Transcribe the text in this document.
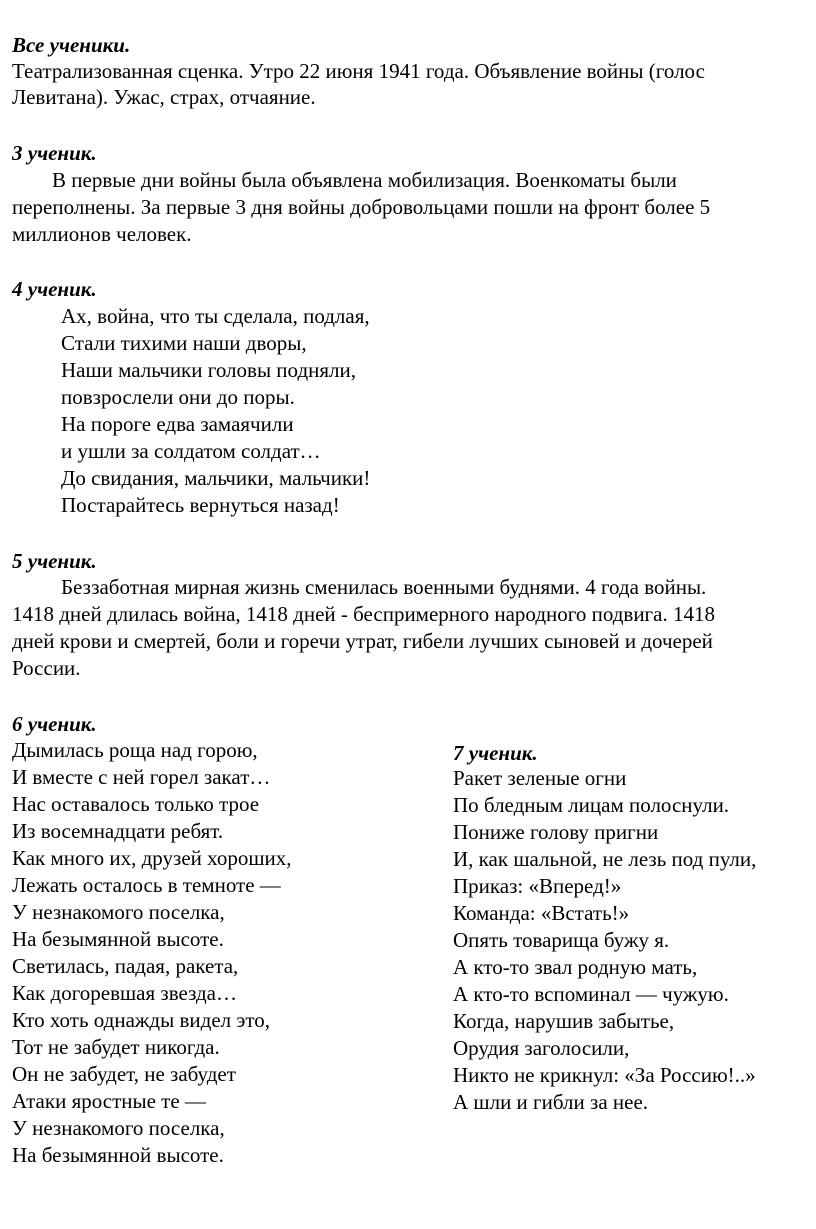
Все ученики.
Театрализованная сценка. Утро 22 июня 1941 года. Объявление войны (голос
Левитана). Ужас, страх, отчаяние.
3 ученик.
В первые дни войны была объявлена мобилизация. Военкоматы были
переполнены. За первые 3 дня войны добровольцами пошли на фронт более 5
миллионов человек.
4 ученик.
Ах, война, что ты сделала, подлая,
Стали тихими наши дворы,
Наши мальчики головы подняли,
повзрослели они до поры.
На пороге едва замаячили
и ушли за солдатом солдат…
До свидания, мальчики, мальчики!
Постарайтесь вернуться назад!
5 ученик.
Беззаботная мирная жизнь сменилась военными буднями. 4 года войны.
1418 дней длилась война, 1418 дней - беспримерного народного подвига. 1418
дней крови и смертей, боли и горечи утрат, гибели лучших сыновей и дочерей
России.
6 ученик.
Дымилась роща над горою,
И вместе с ней горел закат…
Нас оставалось только трое
Из восемнадцати ребят.
Как много их, друзей хороших,
Лежать осталось в темноте —
У незнакомого поселка,
На безымянной высоте.
Светилась, падая, ракета,
Как догоревшая звезда…
Кто хоть однажды видел это,
Тот не забудет никогда.
Он не забудет, не забудет
Атаки яростные те —
У незнакомого поселка,
На безымянной высоте.
7 ученик.
Ракет зеленые огни
По бледным лицам полоснули.
Пониже голову пригни
И, как шальной, не лезь под пули,
Приказ: «Вперед!»
Команда: «Встать!»
Опять товарища бужу я.
А кто-то звал родную мать,
А кто-то вспоминал — чужую.
Когда, нарушив забытье,
Орудия заголосили,
Никто не крикнул: «За Россию!..»
А шли и гибли за нее.
